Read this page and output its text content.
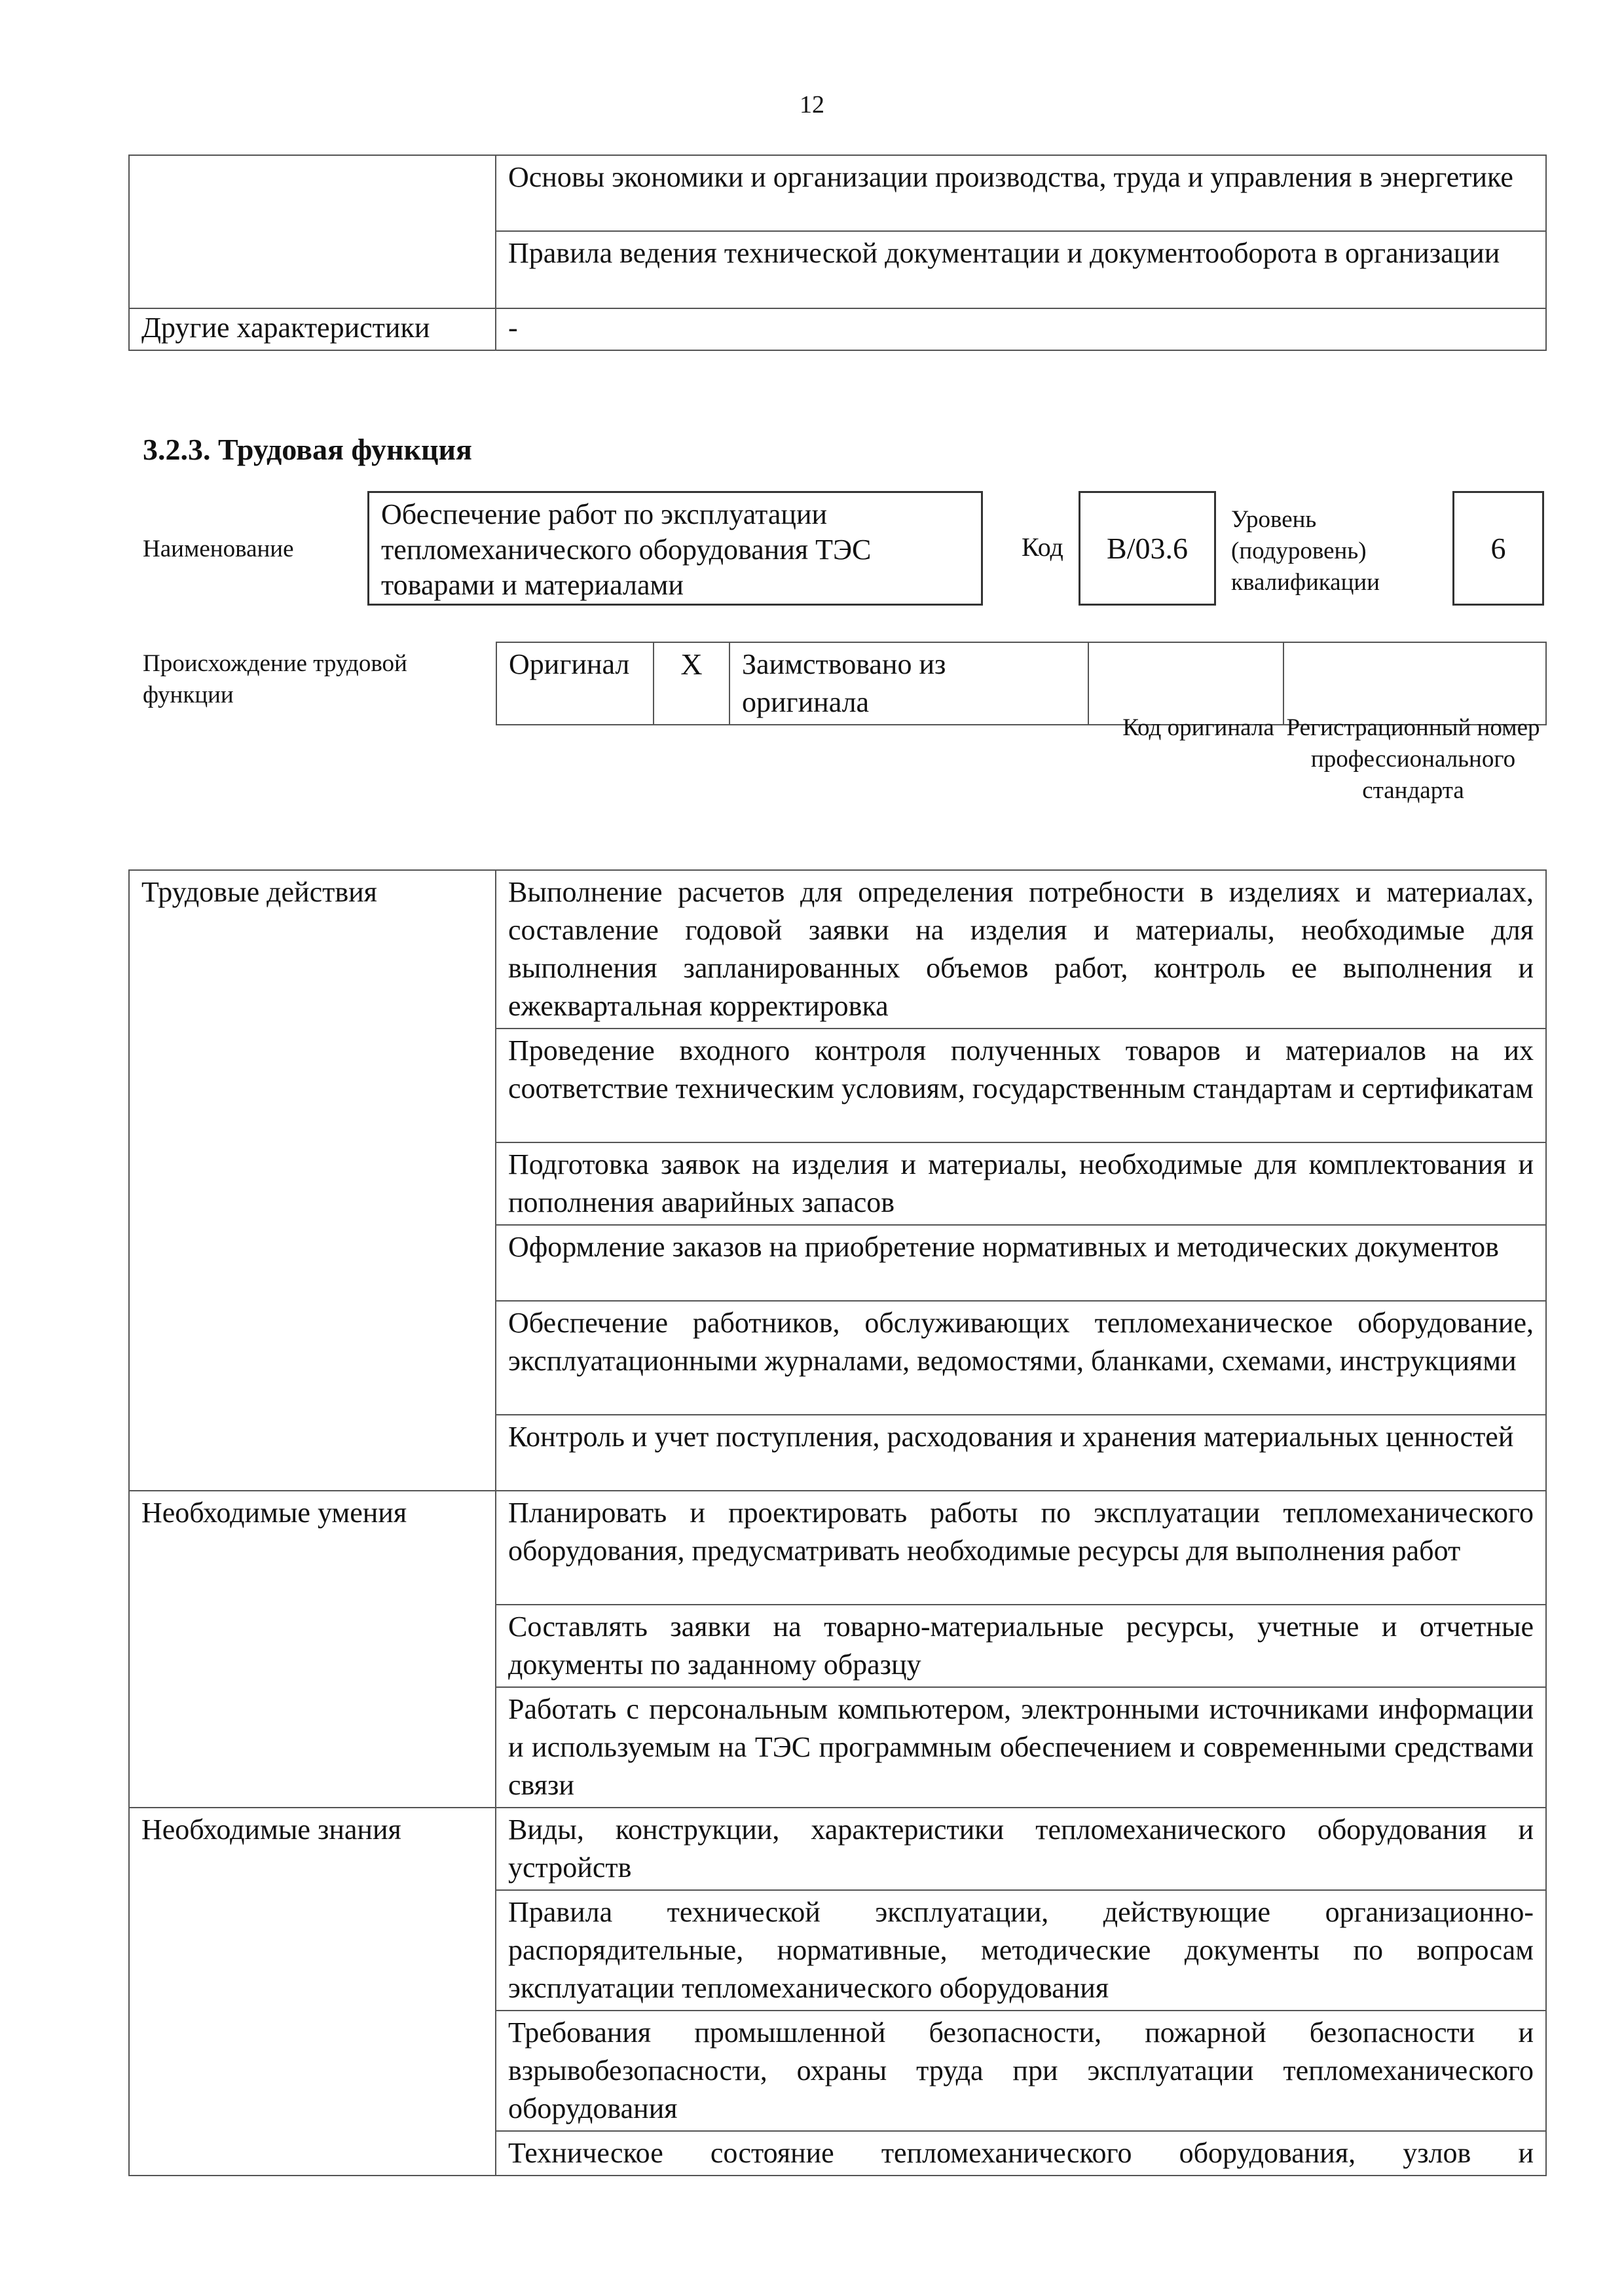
12
	Основы экономики и организации производства, труда и управления в энергетике
	Правила ведения технической документации и документооборота в организации
Другие характеристики	-
3.2.3. Трудовая функция
Наименование
Обеспечение работ по эксплуатации тепломеханического оборудования ТЭС товарами и материалами
Код B/03.6
Уровень (подуровень) квалификации
6
Происхождение трудовой функции
Оригинал	X	Заимствовано из оригинала		
Код оригинала Регистрационный номер профессионального стандарта
Трудовые действия	Выполнение расчетов для определения потребности в изделиях и материалах, составление годовой заявки на изделия и материалы, необходимые для выполнения запланированных объемов работ, контроль ее выполнения и ежеквартальная корректировка
	Проведение входного контроля полученных товаров и материалов на их соответствие техническим условиям, государственным стандартам и сертификатам
	Подготовка заявок на изделия и материалы, необходимые для комплектования и пополнения аварийных запасов
	Оформление заказов на приобретение нормативных и методических документов
	Обеспечение работников, обслуживающих тепломеханическое оборудование, эксплуатационными журналами, ведомостями, бланками, схемами, инструкциями
	Контроль и учет поступления, расходования и хранения материальных ценностей
Необходимые умения	Планировать и проектировать работы по эксплуатации тепломеханического оборудования, предусматривать необходимые ресурсы для выполнения работ
	Составлять заявки на товарно-материальные ресурсы, учетные и отчетные документы по заданному образцу
	Работать с персональным компьютером, электронными источниками информации и используемым на ТЭС программным обеспечением и современными средствами связи
Необходимые знания	Виды, конструкции, характеристики тепломеханического оборудования и устройств
	Правила технической эксплуатации, действующие организационно-распорядительные, нормативные, методические документы по вопросам эксплуатации тепломеханического оборудования
	Требования промышленной безопасности, пожарной безопасности и взрывобезопасности, охраны труда при эксплуатации тепломеханического оборудования
	Техническое состояние тепломеханического оборудования, узлов и
